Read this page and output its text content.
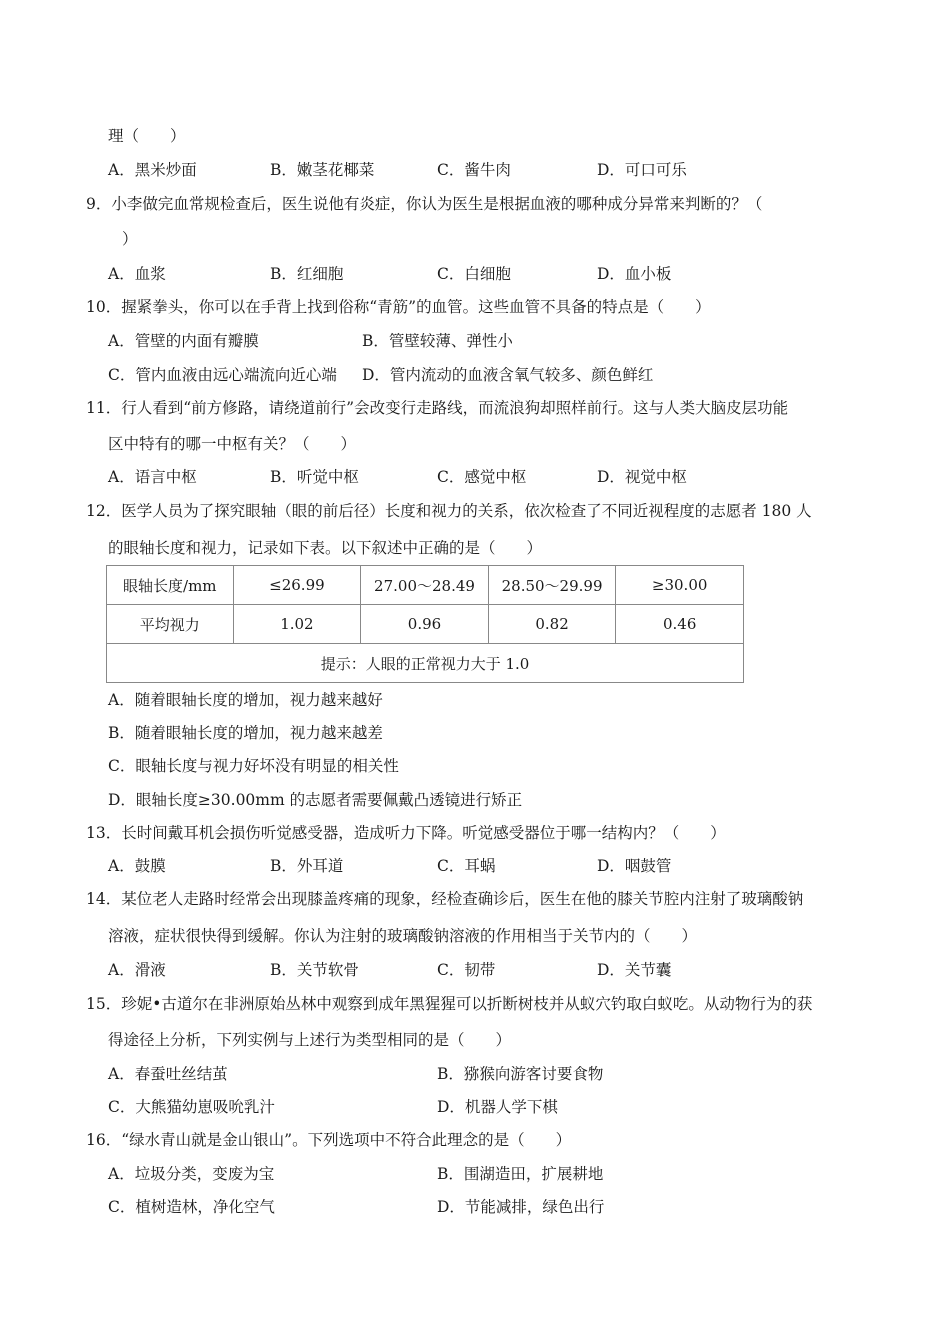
理（　　）
A．黑米炒面	B．嫩茎花椰菜	C．酱牛肉	D．可口可乐
9．小李做完血常规检查后，医生说他有炎症，你认为医生是根据血液的哪种成分异常来判断的？（
）
A．血浆	B．红细胞	C．白细胞	D．血小板
10．握紧拳头，你可以在手背上找到俗称“青筋”的血管。这些血管不具备的特点是（　　）
A．管壁的内面有瓣膜	B．管壁较薄、弹性小
C．管内血液由远心端流向近心端 D．管内流动的血液含氧气较多、颜色鲜红
11．行人看到“前方修路，请绕道前行”会改变行走路线，而流浪狗却照样前行。这与人类大脑皮层功能
区中特有的哪一中枢有关？（　　）
A．语言中枢	B．听觉中枢	C．感觉中枢	D．视觉中枢
12．医学人员为了探究眼轴（眼的前后径）长度和视力的关系，依次检查了不同近视程度的志愿者 180 人
的眼轴长度和视力，记录如下表。以下叙述中正确的是（　　）
眼轴长度/mm	≤26.99	27.00～28.49	28.50～29.99	≥30.00
平均视力	1.02	0.96	0.82	0.46
提示：人眼的正常视力大于 1.0				
A．随着眼轴长度的增加，视力越来越好
B．随着眼轴长度的增加，视力越来越差
C．眼轴长度与视力好坏没有明显的相关性
D．眼轴长度≥30.00mm 的志愿者需要佩戴凸透镜进行矫正
13．长时间戴耳机会损伤听觉感受器，造成听力下降。听觉感受器位于哪一结构内？（　　）
A．鼓膜	B．外耳道	C．耳蜗	D．咽鼓管
14．某位老人走路时经常会出现膝盖疼痛的现象，经检查确诊后，医生在他的膝关节腔内注射了玻璃酸钠
溶液，症状很快得到缓解。你认为注射的玻璃酸钠溶液的作用相当于关节内的（　　）
A．滑液	B．关节软骨	C．韧带	D．关节囊
15．珍妮•古道尔在非洲原始丛林中观察到成年黑猩猩可以折断树枝并从蚁穴钓取白蚁吃。从动物行为的获
得途径上分析，下列实例与上述行为类型相同的是（　　）
A．春蚕吐丝结茧	B．猕猴向游客讨要食物
C．大熊猫幼崽吸吮乳汁	D．机器人学下棋
16．“绿水青山就是金山银山”。下列选项中不符合此理念的是（　　）
A．垃圾分类，变废为宝	B．围湖造田，扩展耕地
C．植树造林，净化空气	D．节能减排，绿色出行
